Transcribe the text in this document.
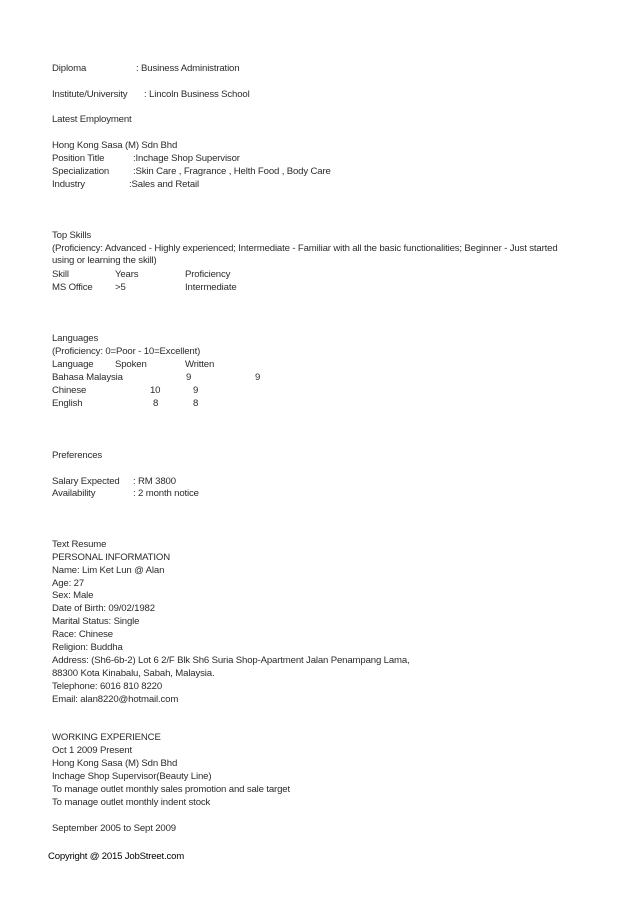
Diploma	: Business Administration
Institute/University : Lincoln Business School
Latest Employment
Hong Kong Sasa (M) Sdn Bhd
Position Title	:Inchage Shop Supervisor
Specialization :Skin Care , Fragrance , Helth Food , Body Care
Industry	:Sales and Retail
Top Skills
(Proficiency: Advanced - Highly experienced; Intermediate - Familiar with all the basic functionalities; Beginner - Just started using or learning the skill)
Skill	Years	Proficiency
MS Office >5	Intermediate
Languages
(Proficiency: 0=Poor - 10=Excellent)
Language Spoken	Written
Bahasa Malaysia	9	9
Chinese	10	9
English	8	8
Preferences
Salary Expected : RM 3800
Availability	: 2 month notice
Text Resume
PERSONAL INFORMATION
Name: Lim Ket Lun @ Alan
Age: 27
Sex: Male
Date of Birth: 09/02/1982
Marital Status: Single
Race: Chinese
Religion: Buddha
Address: (Sh6-6b-2) Lot 6 2/F Blk Sh6 Suria Shop-Apartment Jalan Penampang Lama,
88300 Kota Kinabalu, Sabah, Malaysia.
Telephone: 6016 810 8220
Email: alan8220@hotmail.com
WORKING EXPERIENCE
Oct 1 2009 Present
Hong Kong Sasa (M) Sdn Bhd
Inchage Shop Supervisor(Beauty Line)
To manage outlet monthly sales promotion and sale target
To manage outlet monthly indent stock
September 2005 to Sept 2009
Copyright @ 2015 JobStreet.com
